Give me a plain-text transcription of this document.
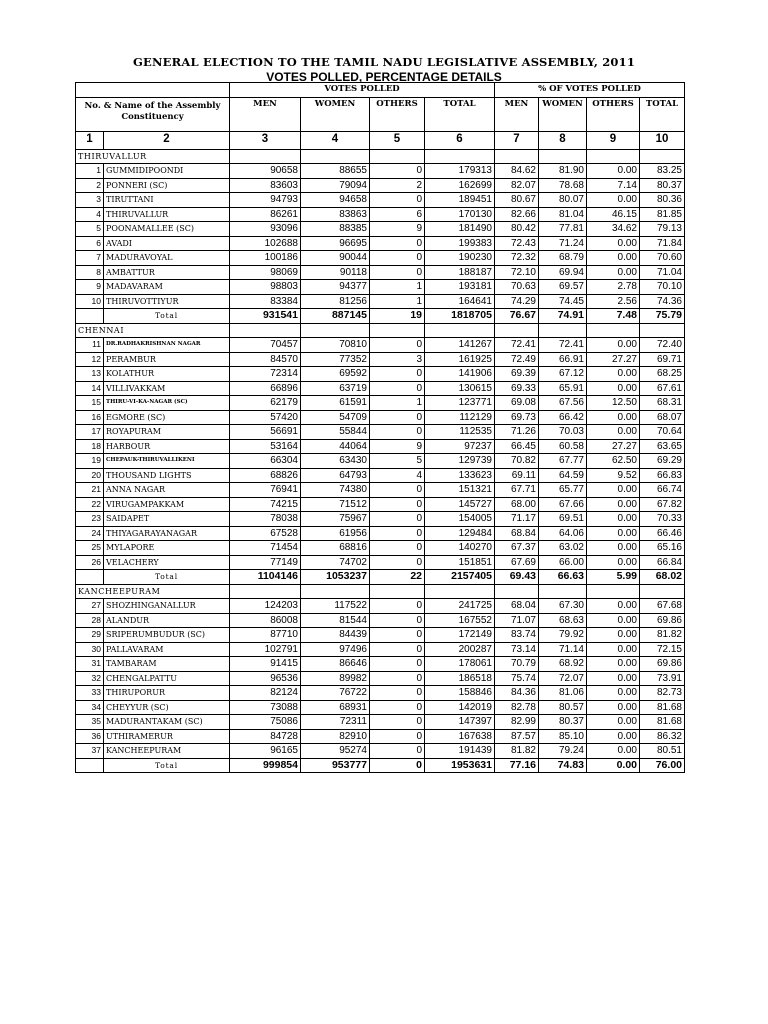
GENERAL ELECTION TO THE TAMIL NADU LEGISLATIVE ASSEMBLY, 2011
VOTES POLLED, PERCENTAGE DETAILS
		VOTES POLLED				% OF VOTES POLLED			
No. & Name of the Assembly Constituency		MEN	WOMEN	OTHERS	TOTAL	MEN	WOMEN	OTHERS	TOTAL
1	2	3	4	5	6	7	8	9	10
THIRUVALLUR									
1	GUMMIDIPOONDI	90658	88655	0	179313	84.62	81.90	0.00	83.25
2	PONNERI (SC)	83603	79094	2	162699	82.07	78.68	7.14	80.37
3	TIRUTTANI	94793	94658	0	189451	80.67	80.07	0.00	80.36
4	THIRUVALLUR	86261	83863	6	170130	82.66	81.04	46.15	81.85
5	POONAMALLEE (SC)	93096	88385	9	181490	80.42	77.81	34.62	79.13
6	AVADI	102688	96695	0	199383	72.43	71.24	0.00	71.84
7	MADURAVOYAL	100186	90044	0	190230	72.32	68.79	0.00	70.60
8	AMBATTUR	98069	90118	0	188187	72.10	69.94	0.00	71.04
9	MADAVARAM	98803	94377	1	193181	70.63	69.57	2.78	70.10
10	THIRUVOTTIYUR	83384	81256	1	164641	74.29	74.45	2.56	74.36
	Total	931541	887145	19	1818705	76.67	74.91	7.48	75.79
CHENNAI									
11	DR.RADHAKRISHNAN NAGAR	70457	70810	0	141267	72.41	72.41	0.00	72.40
12	PERAMBUR	84570	77352	3	161925	72.49	66.91	27.27	69.71
13	KOLATHUR	72314	69592	0	141906	69.39	67.12	0.00	68.25
14	VILLIVAKKAM	66896	63719	0	130615	69.33	65.91	0.00	67.61
15	THIRU-VI-KA-NAGAR (SC)	62179	61591	1	123771	69.08	67.56	12.50	68.31
16	EGMORE (SC)	57420	54709	0	112129	69.73	66.42	0.00	68.07
17	ROYAPURAM	56691	55844	0	112535	71.26	70.03	0.00	70.64
18	HARBOUR	53164	44064	9	97237	66.45	60.58	27.27	63.65
19	CHEPAUK-THIRUVALLIKENI	66304	63430	5	129739	70.82	67.77	62.50	69.29
20	THOUSAND LIGHTS	68826	64793	4	133623	69.11	64.59	9.52	66.83
21	ANNA NAGAR	76941	74380	0	151321	67.71	65.77	0.00	66.74
22	VIRUGAMPAKKAM	74215	71512	0	145727	68.00	67.66	0.00	67.82
23	SAIDAPET	78038	75967	0	154005	71.17	69.51	0.00	70.33
24	THIYAGARAYANAGAR	67528	61956	0	129484	68.84	64.06	0.00	66.46
25	MYLAPORE	71454	68816	0	140270	67.37	63.02	0.00	65.16
26	VELACHERY	77149	74702	0	151851	67.69	66.00	0.00	66.84
	Total	1104146	1053237	22	2157405	69.43	66.63	5.99	68.02
KANCHEEPURAM									
27	SHOZHINGANALLUR	124203	117522	0	241725	68.04	67.30	0.00	67.68
28	ALANDUR	86008	81544	0	167552	71.07	68.63	0.00	69.86
29	SRIPERUMBUDUR (SC)	87710	84439	0	172149	83.74	79.92	0.00	81.82
30	PALLAVARAM	102791	97496	0	200287	73.14	71.14	0.00	72.15
31	TAMBARAM	91415	86646	0	178061	70.79	68.92	0.00	69.86
32	CHENGALPATTU	96536	89982	0	186518	75.74	72.07	0.00	73.91
33	THIRUPORUR	82124	76722	0	158846	84.36	81.06	0.00	82.73
34	CHEYYUR (SC)	73088	68931	0	142019	82.78	80.57	0.00	81.68
35	MADURANTAKAM (SC)	75086	72311	0	147397	82.99	80.37	0.00	81.68
36	UTHIRAMERUR	84728	82910	0	167638	87.57	85.10	0.00	86.32
37	KANCHEEPURAM	96165	95274	0	191439	81.82	79.24	0.00	80.51
	Total	999854	953777	0	1953631	77.16	74.83	0.00	76.00
